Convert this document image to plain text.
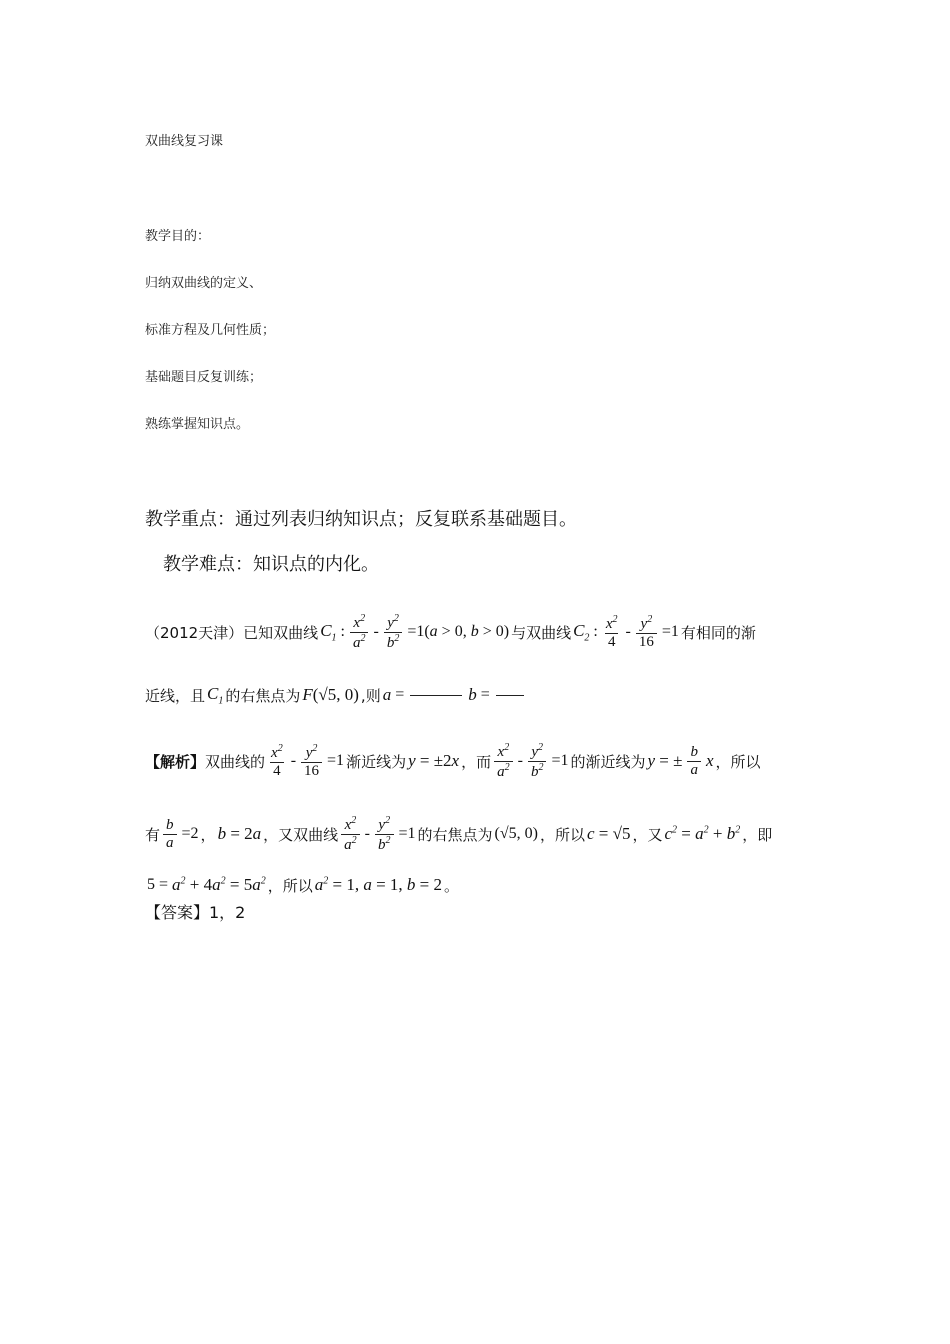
双曲线复习课
教学目的：
归纳双曲线的定义、
标准方程及几何性质；
基础题目反复训练；
熟练掌握知识点。
教学重点：通过列表归纳知识点；反复联系基础题目。
教学难点：知识点的内化。
（2012天津）已知双曲线 $C_1$ : $\frac{x^2}{a^2} - \frac{y^2}{b^2} =1(a > 0$, b > 0) 与双曲线 $C_2$ : $\frac{x^2}{4} - \frac{y^2}{16} =1$ 有相同的渐
近线，且 $C_1$ 的右焦点为 F(√5, 0) ,则 a =	b =
【解析】 双曲线的 $\frac{x^2}{4} - \frac{y^2}{16} =1$ 渐近线为 y = ±2x ，而 $\frac{x^2}{a^2} - \frac{y^2}{b^2} =1$ 的渐近线为 y = ± $\frac{b}{a}$ x ，所以
有 $\frac{b}{a} =2$ ， b = 2a ，又双曲线 $\frac{x^2}{a^2} - \frac{y^2}{b^2} =1$ 的右焦点为 (√5, 0) ，所以 c = √5 ，又 $c^2 = a^2 + b^2$ ，即
$5 = a^2 + 4a^2 = 5a^2$ ，所以 $a^2 = 1$, a = 1, b = 2 。
【答案】1，2
